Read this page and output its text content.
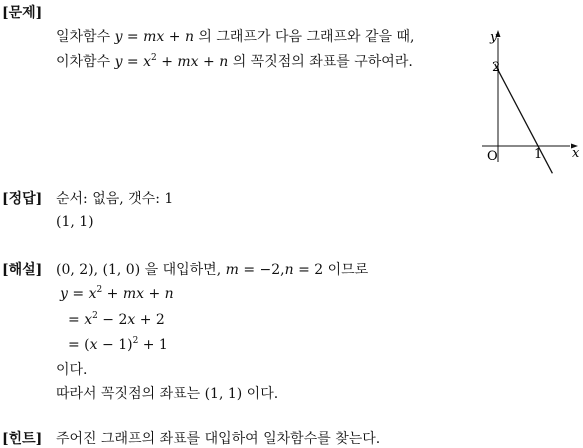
[문제]
일차함수 y = mx + n 의 그래프가 다음 그래프와 같을 때,
이차함수 $y = x^2$ + mx + n 의 꼭짓점의 좌표를 구하여라.
y
x
O
2
1
[정답] 순서: 없음, 갯수: 1
(1, 1)
[해설] (0, 2), (1, 0) 을 대입하면, m = −2,n = 2 이므로
$y = x^2$ + mx + n
= $x^2 - 2x + 2$
= $(x - 1)^2 + 1$
이다.
따라서 꼭짓점의 좌표는 (1, 1) 이다.
[힌트] 주어진 그래프의 좌표를 대입하여 일차함수를 찾는다.
